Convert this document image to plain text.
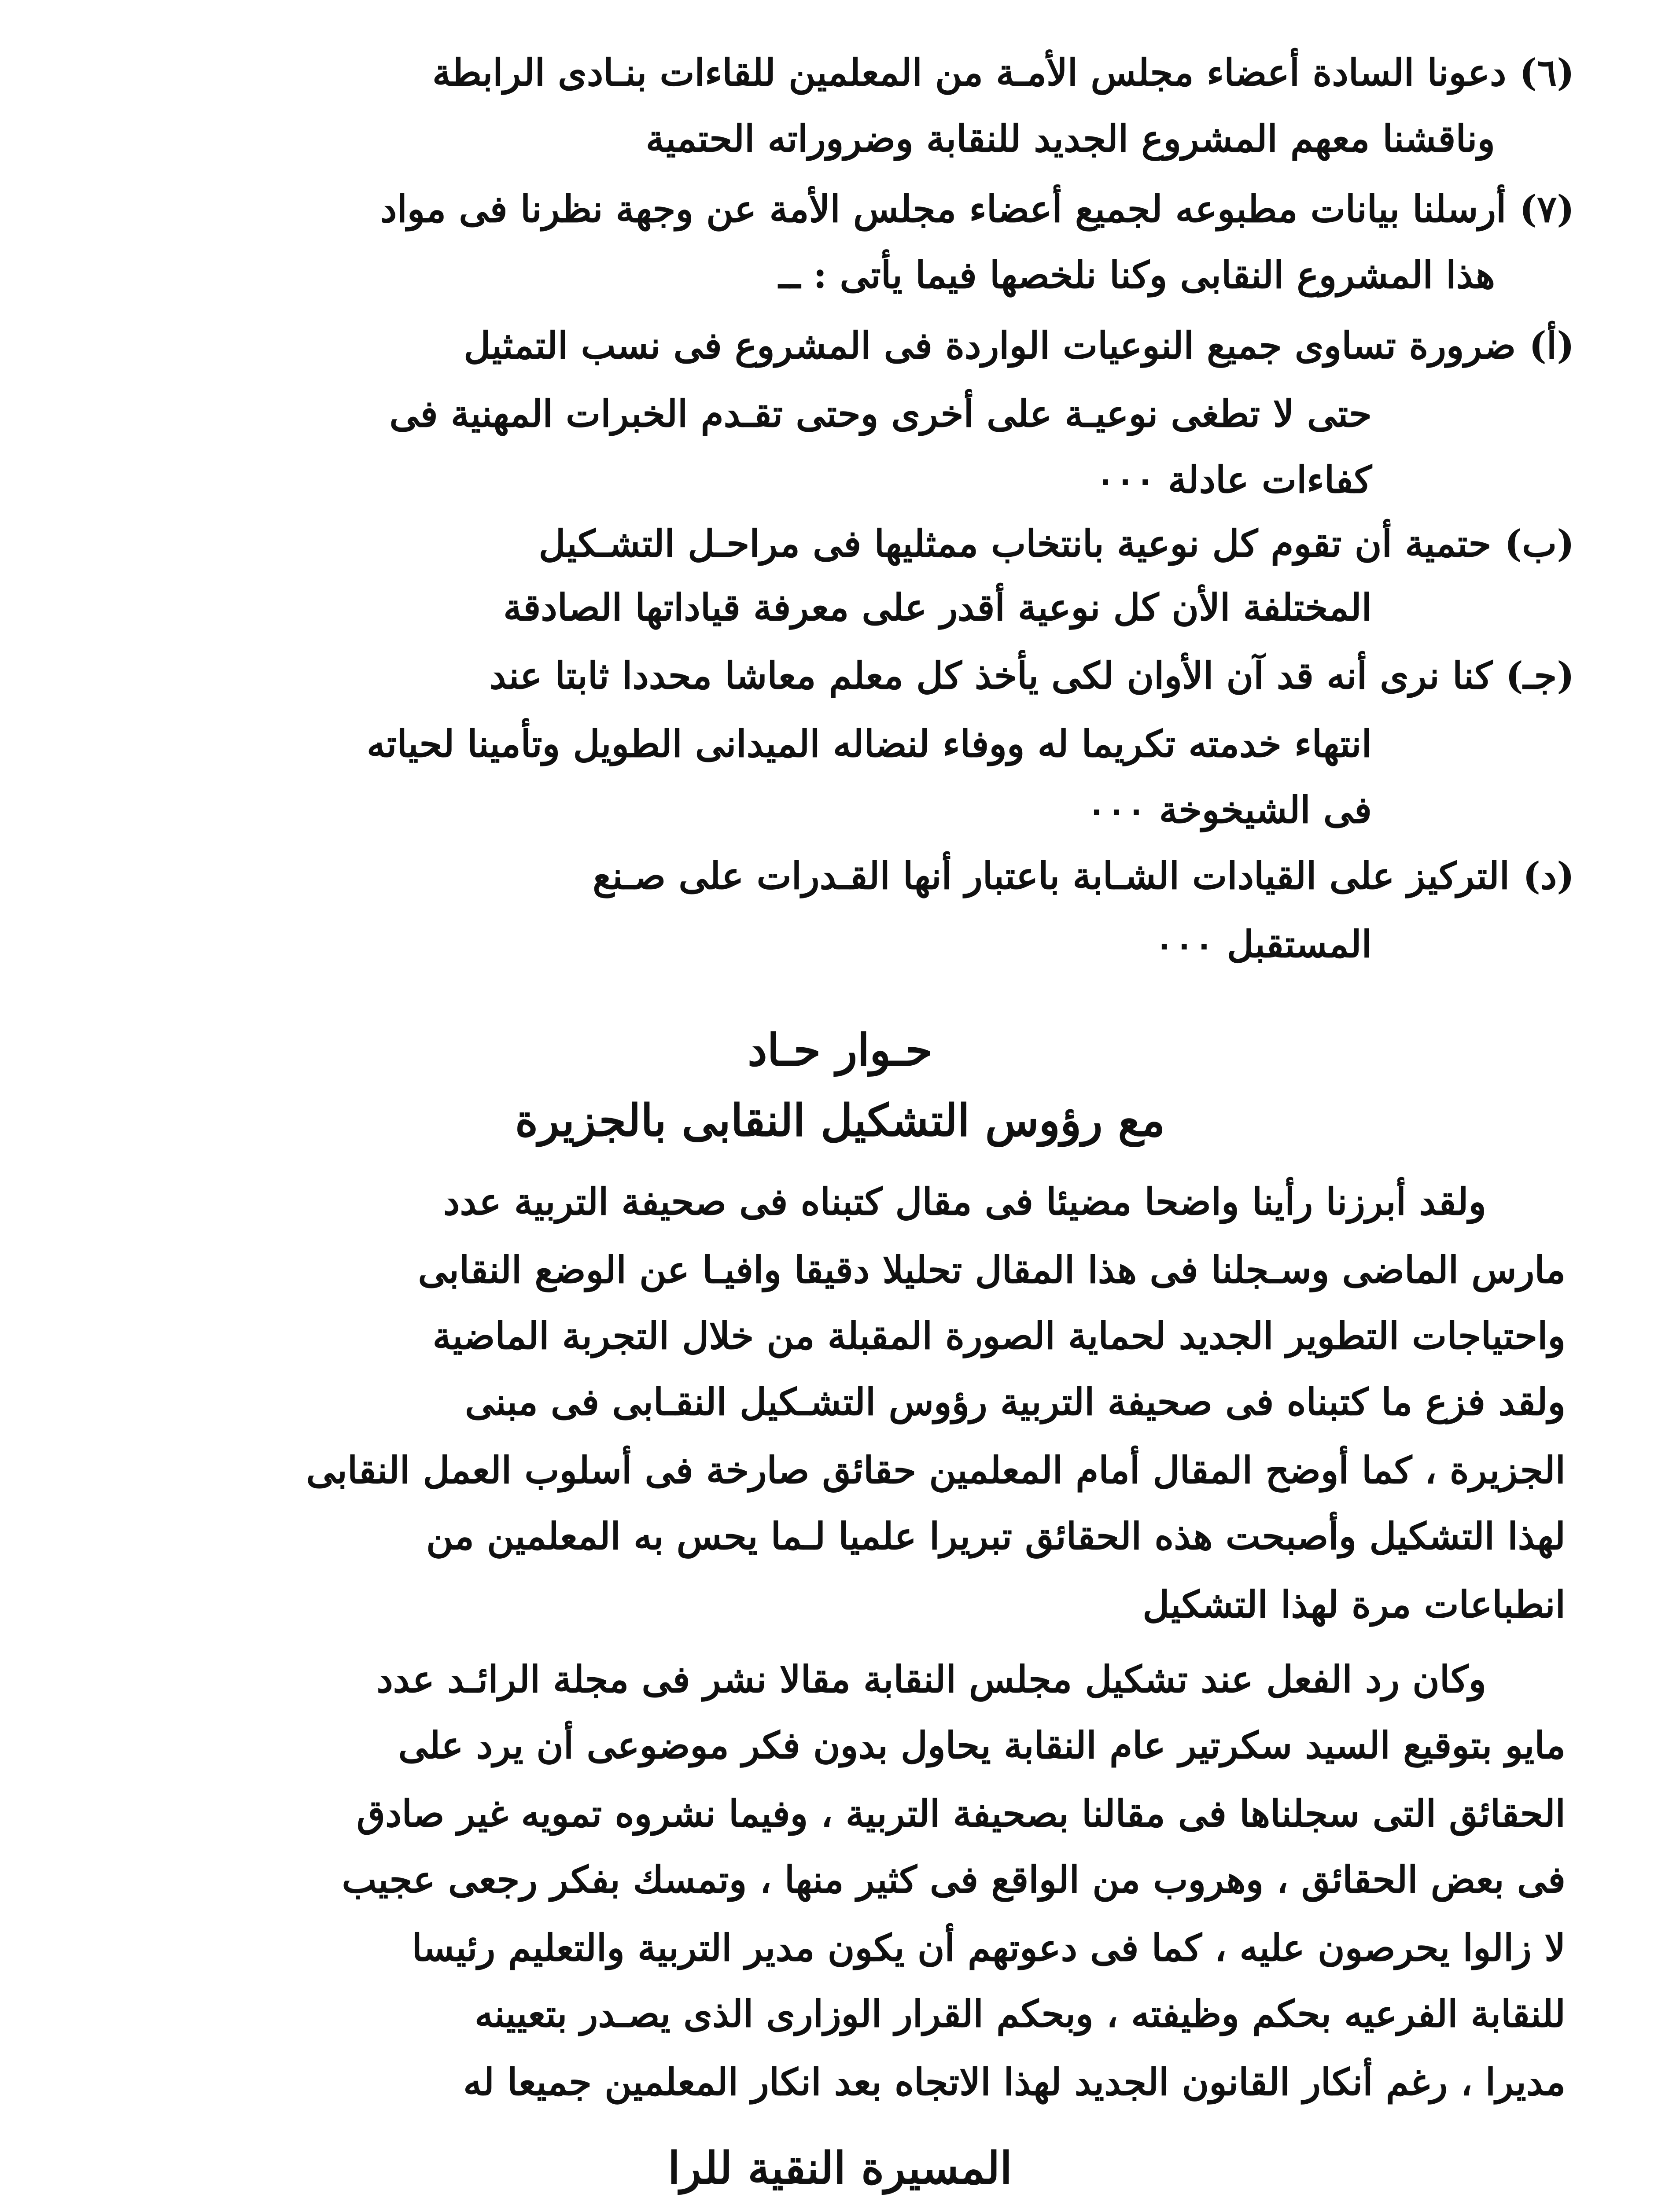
(٦)دعونا السادة أعضاء مجلس الأمـة من المعلمين للقاءات بنـادى الرابطة
وناقشنا معهم المشروع الجديد للنقابة وضروراته الحتمية
(٧)أرسلنا بيانات مطبوعه لجميع أعضاء مجلس الأمة عن وجهة نظرنا فى مواد
هذا المشروع النقابى وكنا نلخصها فيما يأتى : ــ
(أ)ضرورة تساوى جميع النوعيات الواردة فى المشروع فى نسب التمثيل
حتى لا تطغى نوعيـة على أخرى وحتى تقـدم الخبرات المهنية فى
كفاءات عادلة ٠٠٠
(ب)حتمية أن تقوم كل نوعية بانتخاب ممثليها فى مراحـل التشـكيل
المختلفة الأن كل نوعية أقدر على معرفة قياداتها الصادقة
(جـ)كنا نرى أنه قد آن الأوان لكى يأخذ كل معلم معاشا محددا ثابتا عند
انتهاء خدمته تكريما له ووفاء لنضاله الميدانى الطويل وتأمينا لحياته
فى الشيخوخة ٠٠٠
(د)التركيز على القيادات الشـابة باعتبار أنها القـدرات على صـنع
المستقبل ٠٠٠
حـوار حـاد
مع رؤوس التشكيل النقابى بالجزيرة
ولقد أبرزنا رأينا واضحا مضيئا فى مقال كتبناه فى صحيفة التربية عدد
مارس الماضى وسـجلنا فى هذا المقال تحليلا دقيقا وافيـا عن الوضع النقابى
واحتياجات التطوير الجديد لحماية الصورة المقبلة من خلال التجربة الماضية
ولقد فزع ما كتبناه فى صحيفة التربية رؤوس التشـكيل النقـابى فى مبنى
الجزيرة ، كما أوضح المقال أمام المعلمين حقائق صارخة فى أسلوب العمل النقابى
لهذا التشكيل وأصبحت هذه الحقائق تبريرا علميا لـما يحس به المعلمين من
انطباعات مرة لهذا التشكيل
وكان رد الفعل عند تشكيل مجلس النقابة مقالا نشر فى مجلة الرائـد عدد
مايو بتوقيع السيد سكرتير عام النقابة يحاول بدون فكر موضوعى أن يرد على
الحقائق التى سجلناها فى مقالنا بصحيفة التربية ، وفيما نشروه تمويه غير صادق
فى بعض الحقائق ، وهروب من الواقع فى كثير منها ، وتمسك بفكر رجعى عجيب
لا زالوا يحرصون عليه ، كما فى دعوتهم أن يكون مدير التربية والتعليم رئيسا
للنقابة الفرعيه بحكم وظيفته ، وبحكم القرار الوزارى الذى يصـدر بتعيينه
مديرا ، رغم أنكار القانون الجديد لهذا الاتجاه بعد انكار المعلمين جميعا له
المسيرة النقية للرا
